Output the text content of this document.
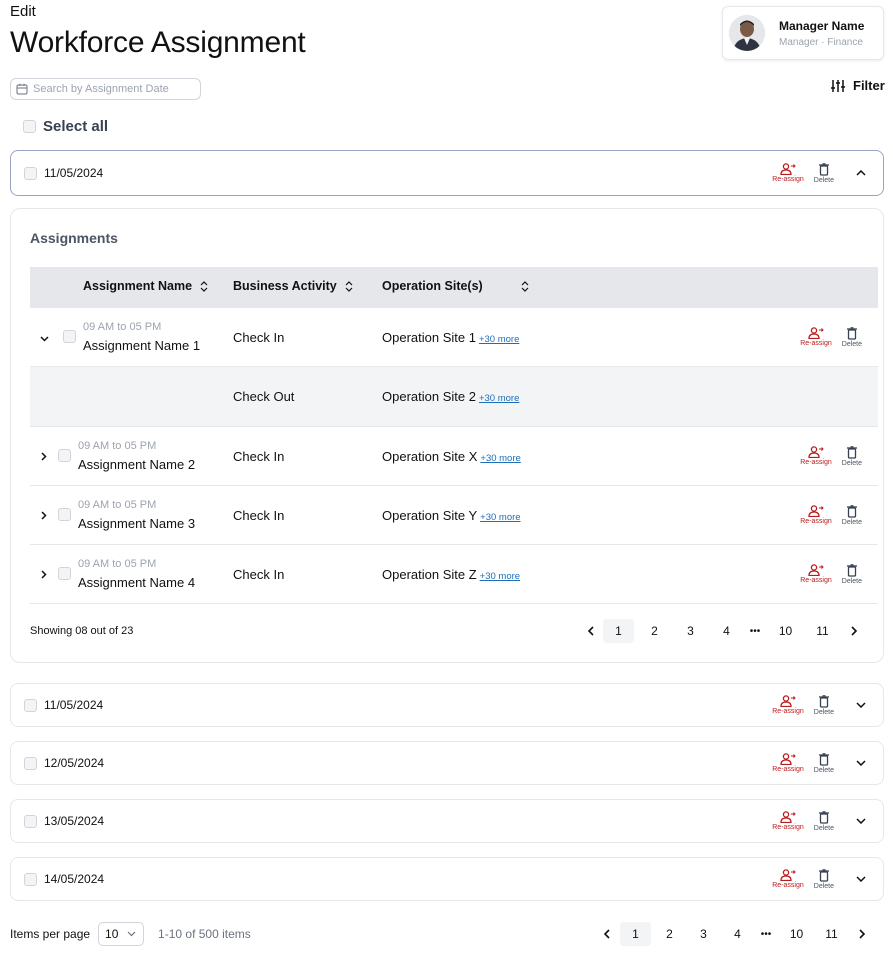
Edit
Workforce Assignment
Manager Name
Manager · Finance
Search by Assignment Date
Filter
Select all
11/05/2024	Re-assign Delete
Assignments
Assignment Name	Business Activity	Operation Site(s)
09 AM to 05 PM
Assignment Name 1
Check In	Operation Site 1 +30 more	Re-assign Delete
Check Out	Operation Site 2 +30 more
09 AM to 05 PM
Assignment Name 2
Check In	Operation Site X +30 more	Re-assign Delete
09 AM to 05 PM
Assignment Name 3
Check In	Operation Site Y +30 more	Re-assign Delete
09 AM to 05 PM
Assignment Name 4
Check In	Operation Site Z +30 more	Re-assign Delete
Showing 08 out of 23	1	2	3	4	•••	10	11
11/05/2024	Re-assign Delete
12/05/2024	Re-assign Delete
13/05/2024	Re-assign Delete
14/05/2024	Re-assign Delete
Items per page 10	1-10 of 500 items	1	2	3	4	•••	10	11
